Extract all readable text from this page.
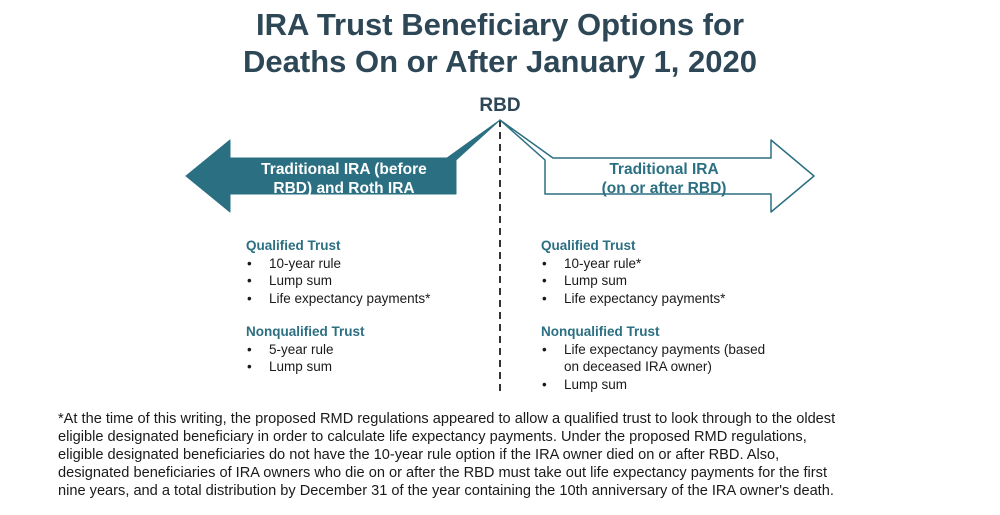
IRA Trust Beneficiary Options for
Deaths On or After January 1, 2020
RBD
Traditional IRA (before
RBD) and Roth IRA
Traditional IRA
(on or after RBD)
Qualified Trust
• 10-year rule
• Lump sum
• Life expectancy payments*
Nonqualified Trust
• 5-year rule
• Lump sum
Qualified Trust
• 10-year rule*
• Lump sum
• Life expectancy payments*
Nonqualified Trust
• Life expectancy payments (based
on deceased IRA owner)
• Lump sum
*At the time of this writing, the proposed RMD regulations appeared to allow a qualified trust to look through to the oldest
eligible designated beneficiary in order to calculate life expectancy payments. Under the proposed RMD regulations,
eligible designated beneficiaries do not have the 10-year rule option if the IRA owner died on or after RBD. Also,
designated beneficiaries of IRA owners who die on or after the RBD must take out life expectancy payments for the first
nine years, and a total distribution by December 31 of the year containing the 10th anniversary of the IRA owner's death.
